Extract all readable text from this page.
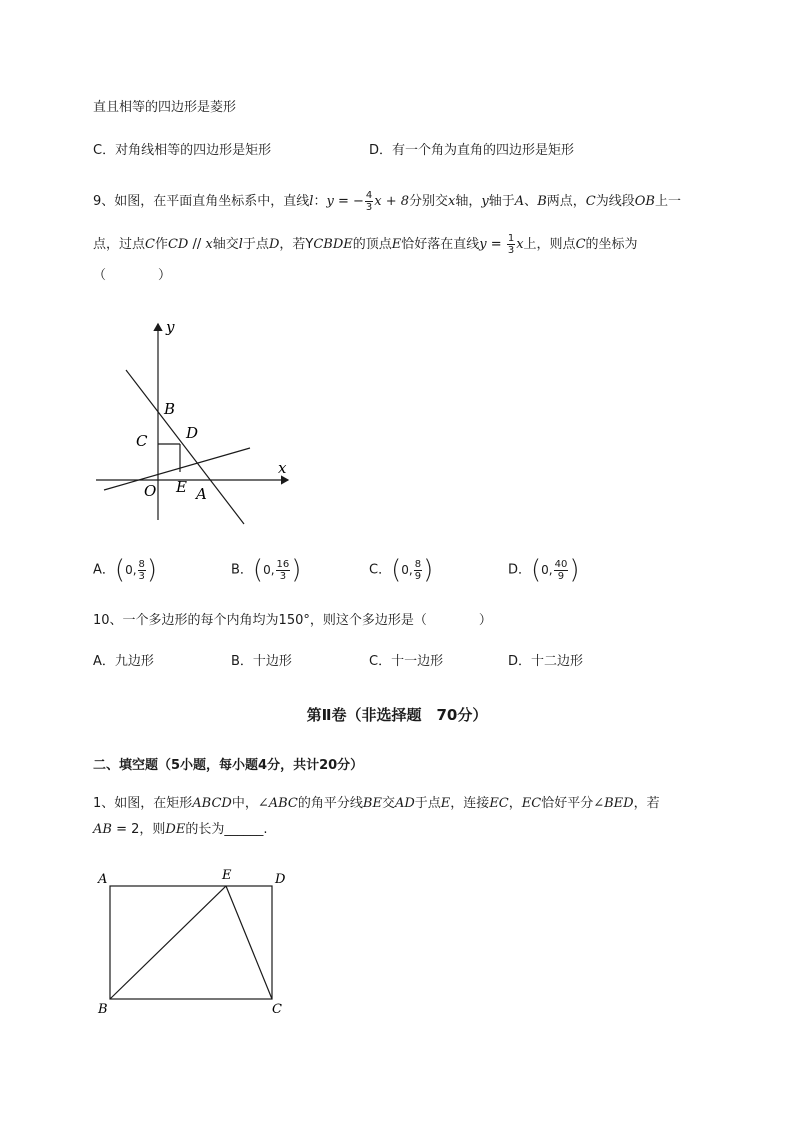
直且相等的四边形是菱形
C．对角线相等的四边形是矩形	D．有一个角为直角的四边形是矩形
9、如图，在平面直角坐标系中，直线l：y = − $\frac{4}{3}$ x + 8分别交x轴，y轴于A、B两点，C为线段OB上一
点，过点C作CD // x轴交l于点D，若YCBDE的顶点E恰好落在直线$y = \frac{1}{3}$ x上，则点C的坐标为
（　　　　）
y
x
B
C	D
O E A
A．(0, $\frac{8}{3}$ )	B．(0, $\frac{16}{3}$ )	C．(0, $\frac{8}{9}$ )	D．(0, $\frac{40}{9}$ )
10、一个多边形的每个内角均为150°，则这个多边形是（　　　　）
A．九边形	B．十边形	C．十一边形	D．十二边形
第Ⅱ卷（非选择题　70分）
二、填空题（5小题，每小题4分，共计20分）
1、如图，在矩形ABCD中，∠ABC的角平分线BE交AD于点E，连接EC，EC恰好平分∠BED，若
AB = 2，则DE的长为______.
A	E	D
B	C
